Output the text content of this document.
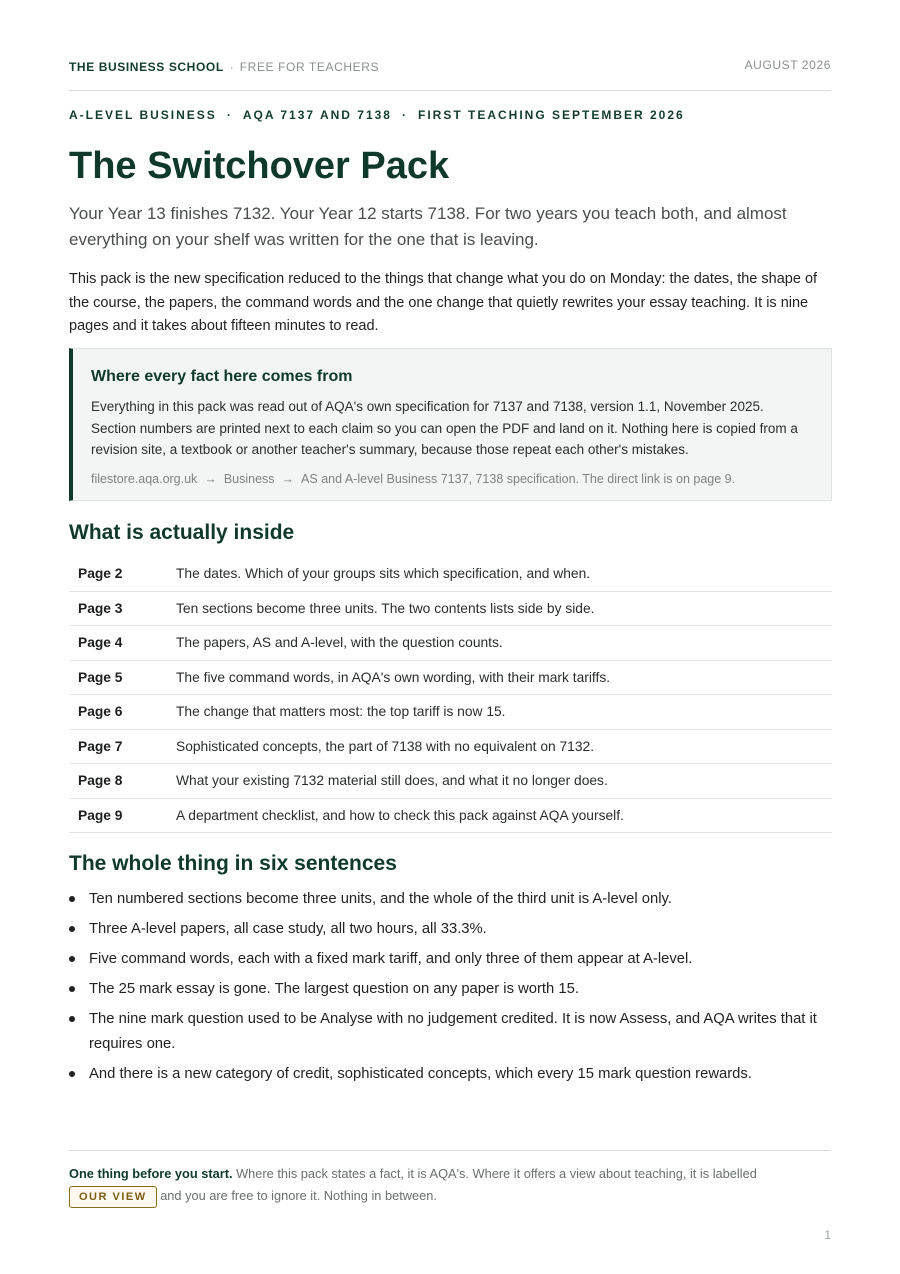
THE BUSINESS SCHOOL · FREE FOR TEACHERS	AUGUST 2026
A-LEVEL BUSINESS · AQA 7137 AND 7138 · FIRST TEACHING SEPTEMBER 2026
The Switchover Pack

Your Year 13 finishes 7132. Your Year 12 starts 7138. For two years you teach both, and almost everything on your shelf was written for the one that is leaving.

This pack is the new specification reduced to the things that change what you do on Monday: the dates, the shape of the course, the papers, the command words and the one change that quietly rewrites your essay teaching. It is nine pages and it takes about fifteen minutes to read.

Where every fact here comes from

Everything in this pack was read out of AQA's own specification for 7137 and 7138, version 1.1, November 2025. Section numbers are printed next to each claim so you can open the PDF and land on it. Nothing here is copied from a revision site, a textbook or another teacher's summary, because those repeat each other's mistakes.

filestore.aqa.org.uk → Business → AS and A-level Business 7137, 7138 specification. The direct link is on page 9.
What is actually inside
Page 2	The dates. Which of your groups sits which specification, and when.
Page 3	Ten sections become three units. The two contents lists side by side.
Page 4	The papers, AS and A-level, with the question counts.
Page 5	The five command words, in AQA's own wording, with their mark tariffs.
Page 6	The change that matters most: the top tariff is now 15.
Page 7	Sophisticated concepts, the part of 7138 with no equivalent on 7132.
Page 8	What your existing 7132 material still does, and what it no longer does.
Page 9	A department checklist, and how to check this pack against AQA yourself.
The whole thing in six sentences
Ten numbered sections become three units, and the whole of the third unit is A-level only.
Three A-level papers, all case study, all two hours, all 33.3%.
Five command words, each with a fixed mark tariff, and only three of them appear at A-level.
The 25 mark essay is gone. The largest question on any paper is worth 15.
The nine mark question used to be Analyse with no judgement credited. It is now Assess, and AQA writes that it requires one.
And there is a new category of credit, sophisticated concepts, which every 15 mark question rewards.
One thing before you start. Where this pack states a fact, it is AQA's. Where it offers a view about teaching, it is labelled
OUR VIEW and you are free to ignore it. Nothing in between.
1
